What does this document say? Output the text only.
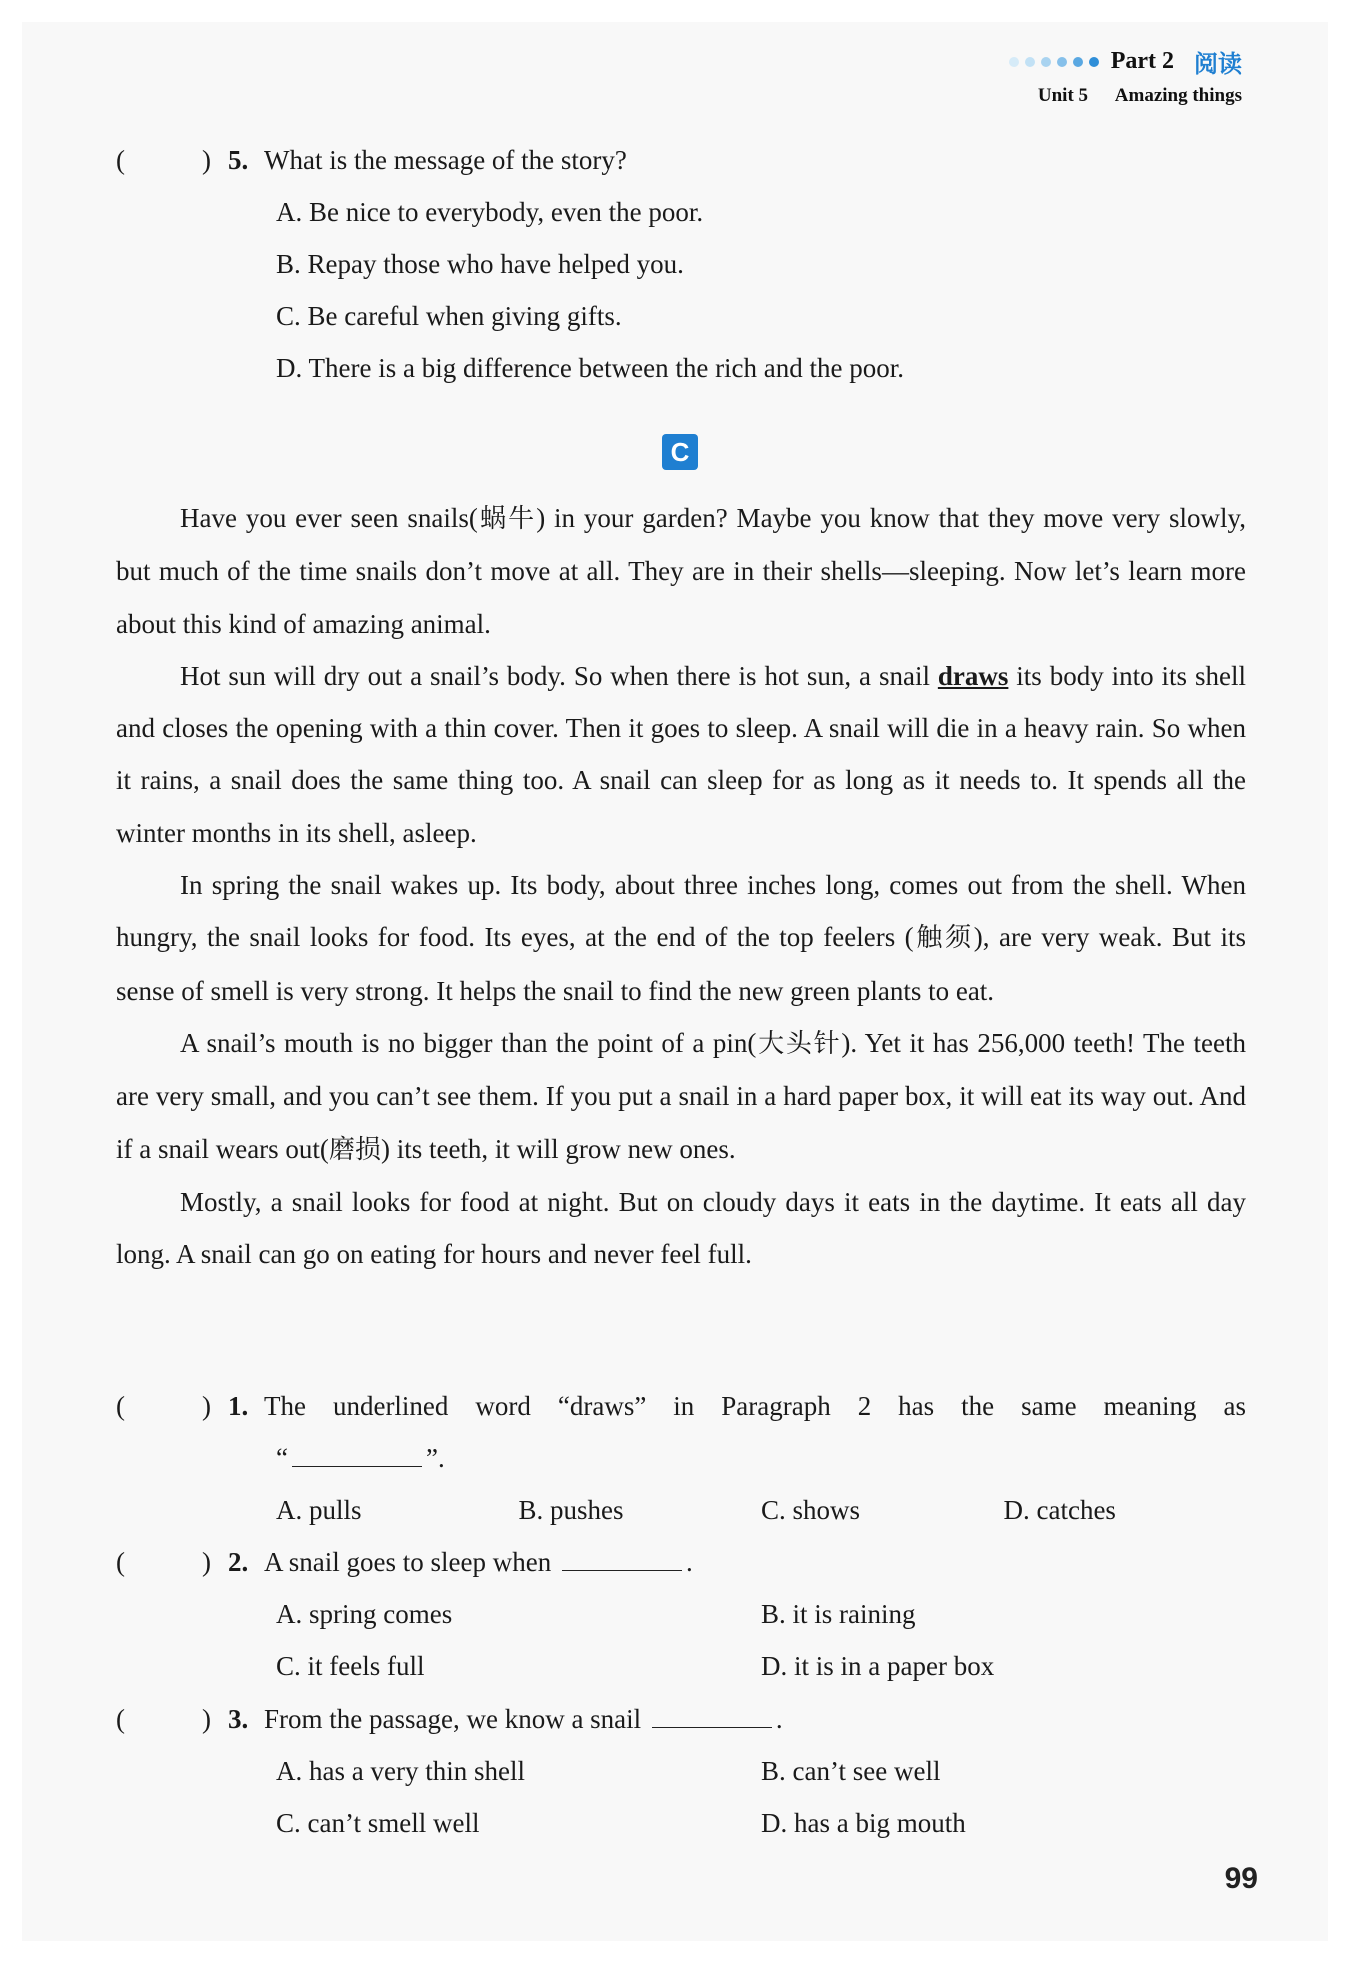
Part 2 阅读
Unit 5 Amazing things
(	) 5. What is the message of the story?
A. Be nice to everybody, even the poor.
B. Repay those who have helped you.
C. Be careful when giving gifts.
D. There is a big difference between the rich and the poor.
C

Have you ever seen snails(蜗牛) in your garden? Maybe you know that they move very slowly, but much of the time snails don’t move at all. They are in their shells—sleeping. Now let’s learn more about this kind of amazing animal.

Hot sun will dry out a snail’s body. So when there is hot sun, a snail draws its body into its shell and closes the opening with a thin cover. Then it goes to sleep. A snail will die in a heavy rain. So when it rains, a snail does the same thing too. A snail can sleep for as long as it needs to. It spends all the winter months in its shell, asleep.

In spring the snail wakes up. Its body, about three inches long, comes out from the shell. When hungry, the snail looks for food. Its eyes, at the end of the top feelers (触须), are very weak. But its sense of smell is very strong. It helps the snail to find the new green plants to eat.

A snail’s mouth is no bigger than the point of a pin(大头针). Yet it has 256,000 teeth! The teeth are very small, and you can’t see them. If you put a snail in a hard paper box, it will eat its way out. And if a snail wears out(磨损) its teeth, it will grow new ones.

Mostly, a snail looks for food at night. But on cloudy days it eats in the daytime. It eats all day long. A snail can go on eating for hours and never feel full.

(	) 1. The underlined word “draws” in Paragraph 2 has the same meaning as
“	”.
A. pulls	B. pushes	C. shows	D. catches
(	) 2. A snail goes to sleep when	.
A. spring comes	B. it is raining
C. it feels full	D. it is in a paper box
(	) 3. From the passage, we know a snail	.
A. has a very thin shell	B. can’t see well
C. can’t smell well	D. has a big mouth
99
